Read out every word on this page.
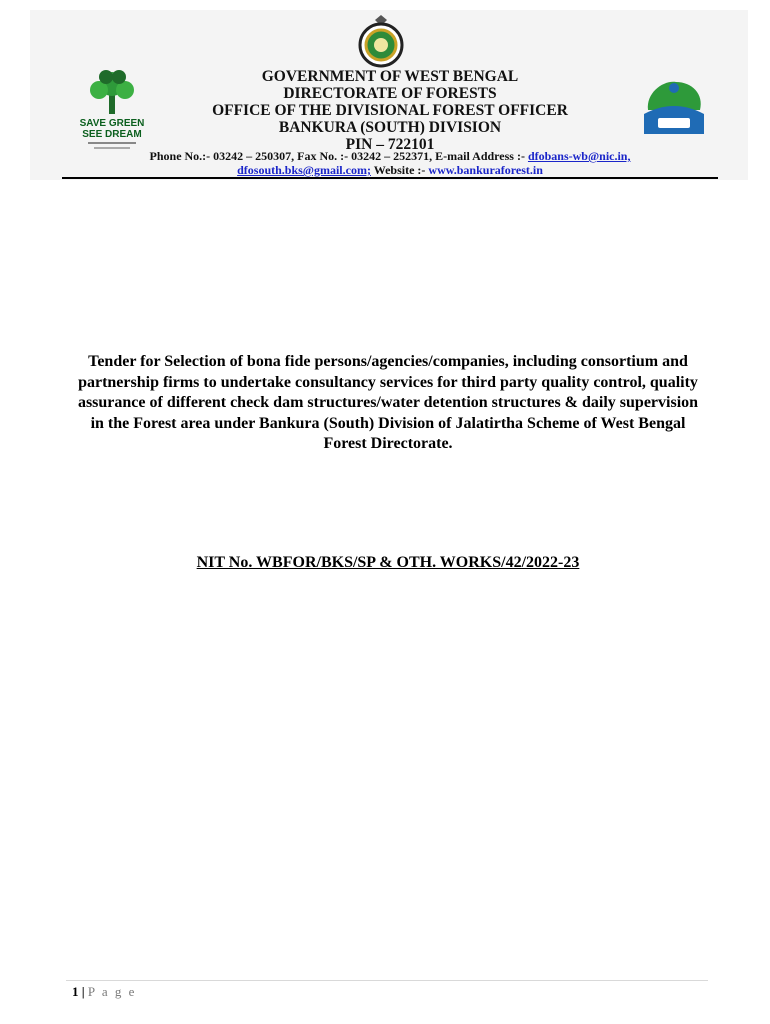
SAVE GREEN
SEE DREAM
GOVERNMENT OF WEST BENGAL
DIRECTORATE OF FORESTS
OFFICE OF THE DIVISIONAL FOREST OFFICER
BANKURA (SOUTH) DIVISION
PIN – 722101
Phone No.:- 03242 – 250307, Fax No. :- 03242 – 252371, E-mail Address :- dfobans-wb@nic.in,
dfosouth.bks@gmail.com; Website :- www.bankuraforest.in
Tender for Selection of bona fide persons/agencies/companies, including consortium and partnership firms to undertake consultancy services for third party quality control, quality assurance of different check dam structures/water detention structures & daily supervision in the Forest area under Bankura (South) Division of Jalatirtha Scheme of West Bengal Forest Directorate.
NIT No. WBFOR/BKS/SP & OTH. WORKS/42/2022-23
1 | P a g e
